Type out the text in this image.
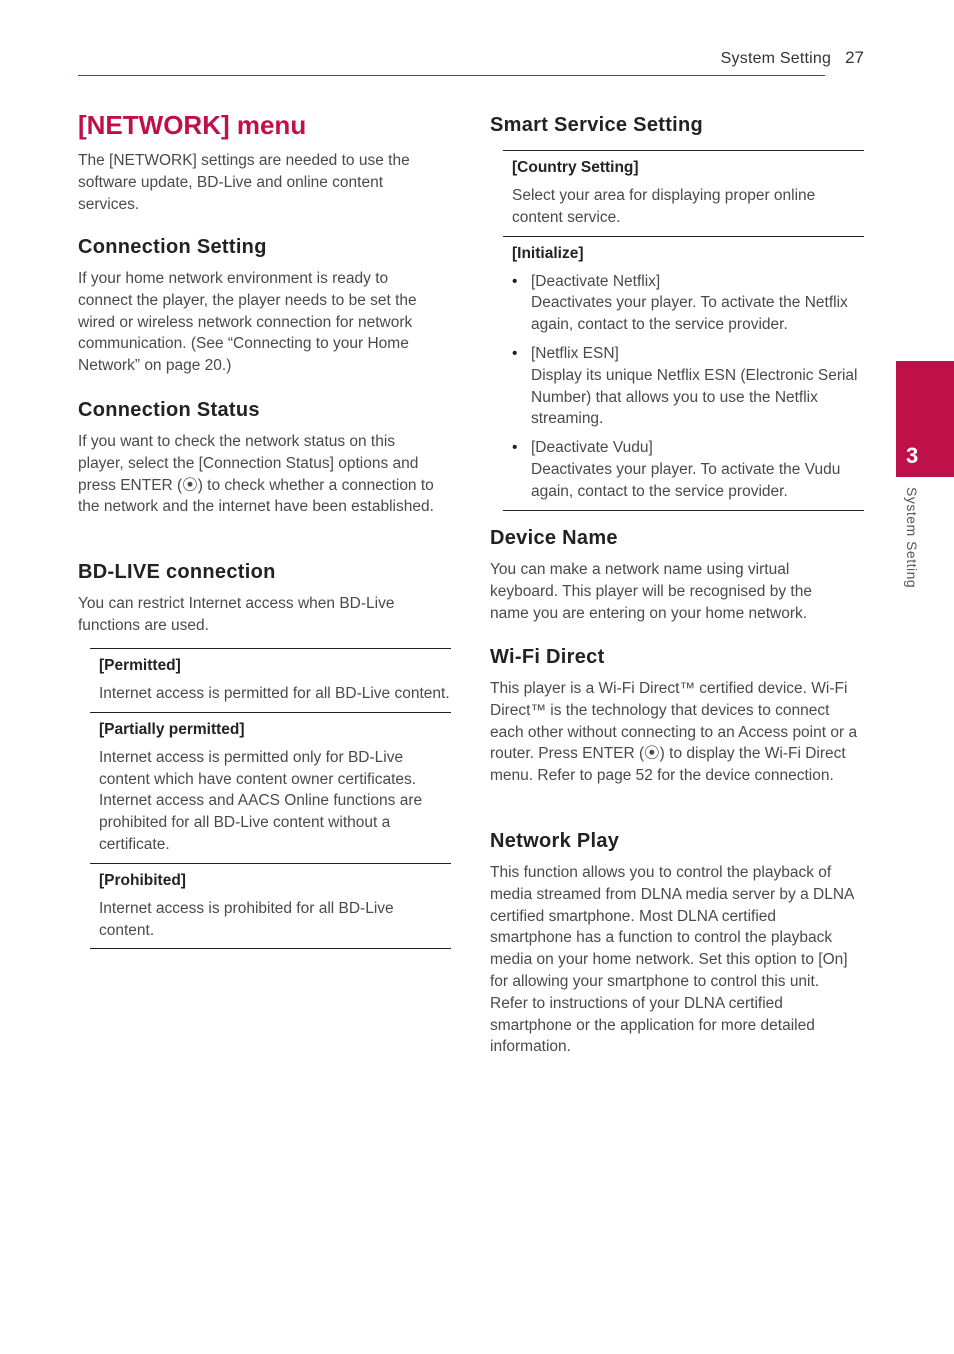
System Setting 27
3
System Setting
[NETWORK] menu

The [NETWORK] settings are needed to use the software update, BD-Live and online content services.

Connection Setting

If your home network environment is ready to connect the player, the player needs to be set the wired or wireless network connection for network communication. (See “Connecting to your Home Network” on page 20.)

Connection Status

If you want to check the network status on this player, select the [Connection Status] options and press ENTER (⦿) to check whether a connection to the network and the internet have been established.

BD-LIVE connection

You can restrict Internet access when BD-Live functions are used.

[Permitted]

Internet access is permitted for all BD-Live content.

[Partially permitted]

Internet access is permitted only for BD-Live content which have content owner certificates. Internet access and AACS Online functions are prohibited for all BD-Live content without a certificate.

[Prohibited]

Internet access is prohibited for all BD-Live content.

Smart Service Setting

[Country Setting]

Select your area for displaying proper online content service.

[Initialize]

• [Deactivate Netflix]
Deactivates your player. To activate the Netflix again, contact to the service provider.
• [Netflix ESN]
Display its unique Netflix ESN (Electronic Serial Number) that allows you to use the Netflix streaming.
• [Deactivate Vudu]
Deactivates your player. To activate the Vudu again, contact to the service provider.
Device Name

You can make a network name using virtual keyboard. This player will be recognised by the name you are entering on your home network.

Wi-Fi Direct

This player is a Wi-Fi Direct™ certified device. Wi-Fi Direct™ is the technology that devices to connect each other without connecting to an Access point or a router. Press ENTER (⦿) to display the Wi-Fi Direct menu. Refer to page 52 for the device connection.

Network Play

This function allows you to control the playback of media streamed from DLNA media server by a DLNA certified smartphone. Most DLNA certified smartphone has a function to control the playback media on your home network. Set this option to [On] for allowing your smartphone to control this unit. Refer to instructions of your DLNA certified smartphone or the application for more detailed information.
